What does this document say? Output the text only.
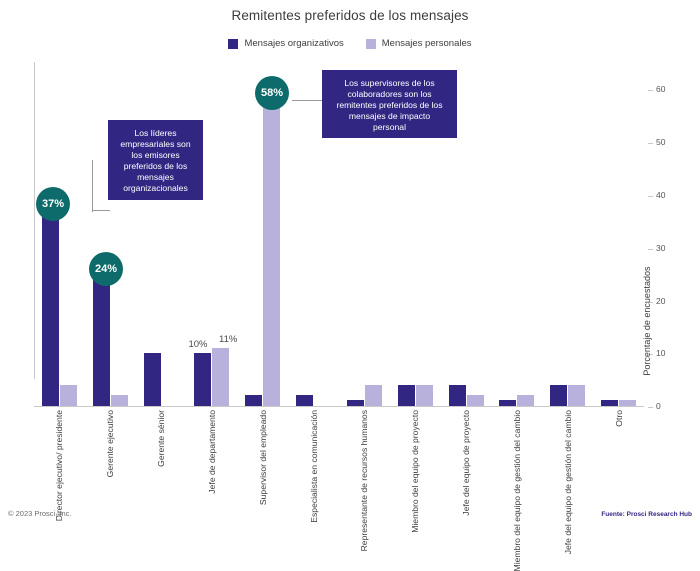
Remitentes preferidos de los mensajes
Mensajes organizativos	Mensajes personales
0
10
20
30
40
50
60
10% 11%	Porcentaje de encuestados
Director ejecutivo/ presidente	Gerente ejecutivo	Gerente sénior	Jefe de departamento	Supervisor del empleado	Especialista en comunicación	Representante de recursos humanos	Miembro del equipo de proyecto	Jefe del equipo de proyecto	Miembro del equipo de gestión del cambio	Jefe del equipo de gestión del cambio	Otro
Los líderes empresariales son los emisores preferidos de los mensajes organizacionales
Los supervisores de los colaboradores son los remitentes preferidos de los mensajes de impacto personal
37%
24%
58%
© 2023 Prosci, Inc.	Fuente: Prosci Research Hub
